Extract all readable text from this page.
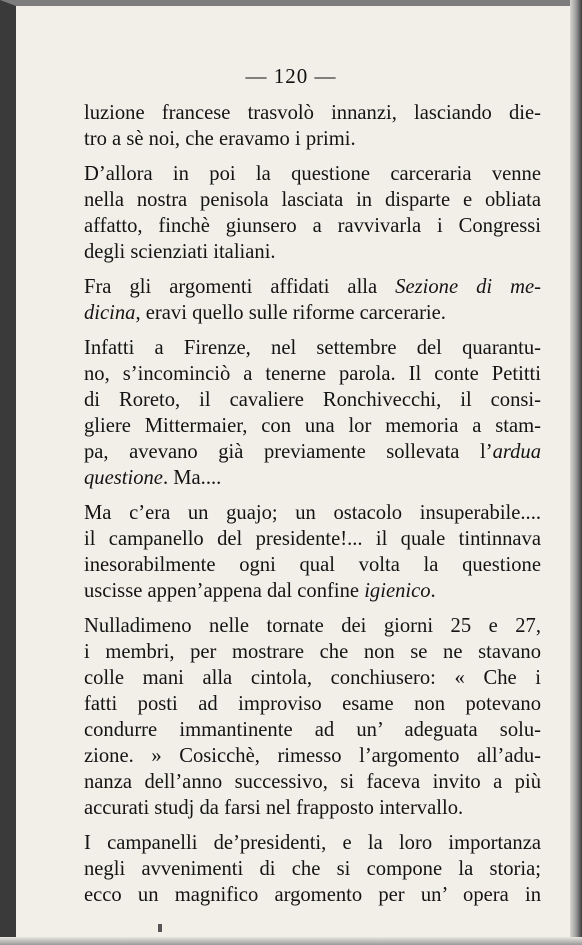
— 120 —
luzione francese trasvolò innanzi, lasciando die-
tro a sè noi, che eravamo i primi.
D’allora in poi la questione carceraria venne
nella nostra penisola lasciata in disparte e obliata
affatto, finchè giunsero a ravvivarla i Congressi
degli scienziati italiani.
Fra gli argomenti affidati alla Sezione di me-
dicina, eravi quello sulle riforme carcerarie.
Infatti a Firenze, nel settembre del quarantu-
no, s’incominciò a tenerne parola. Il conte Petitti
di Roreto, il cavaliere Ronchivecchi, il consi-
gliere Mittermaier, con una lor memoria a stam-
pa, avevano già previamente sollevata l’ardua
questione. Ma....
Ma c’era un guajo; un ostacolo insuperabile....
il campanello del presidente!... il quale tintinnava
inesorabilmente ogni qual volta la questione
uscisse appen’appena dal confine igienico.
Nulladimeno nelle tornate dei giorni 25 e 27,
i membri, per mostrare che non se ne stavano
colle mani alla cintola, conchiusero: « Che i
fatti posti ad improviso esame non potevano
condurre immantinente ad un’ adeguata solu-
zione. » Cosicchè, rimesso l’argomento all’adu-
nanza dell’anno successivo, si faceva invito a più
accurati studj da farsi nel frapposto intervallo.
I campanelli de’presidenti, e la loro importanza
negli avvenimenti di che si compone la storia;
ecco un magnifico argomento per un’ opera in
